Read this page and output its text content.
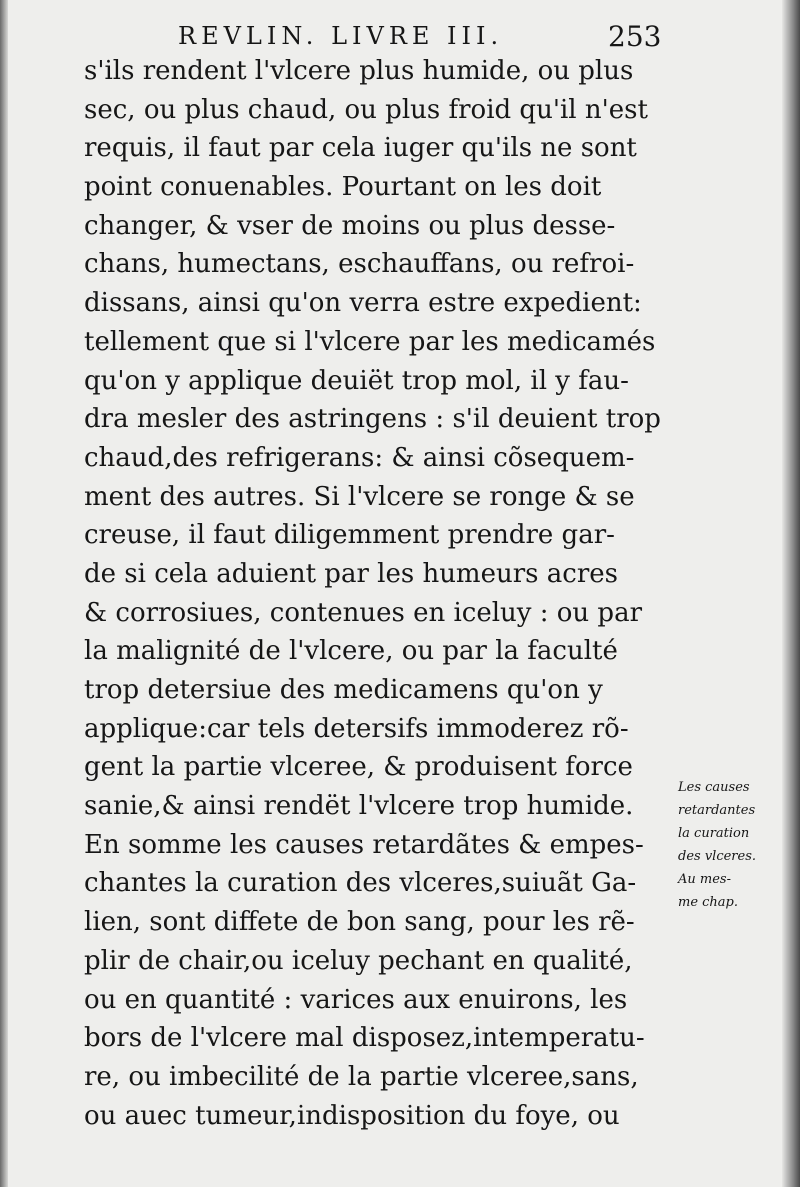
REVLIN. LIVRE III.	253
s'ils rendent l'vlcere plus humide, ou plus
sec, ou plus chaud, ou plus froid qu'il n'est
requis, il faut par cela iuger qu'ils ne sont
point conuenables. Pourtant on les doit
changer, & vser de moins ou plus desse-
chans, humectans, eschauffans, ou refroi-
dissans, ainsi qu'on verra estre expedient:
tellement que si l'vlcere par les medicamés
qu'on y applique deuiët trop mol, il y fau-
dra mesler des astringens : s'il deuient trop
chaud,des refrigerans: & ainsi cõsequem-
ment des autres. Si l'vlcere se ronge & se
creuse, il faut diligemment prendre gar-
de si cela aduient par les humeurs acres
& corrosiues, contenues en iceluy : ou par
la malignité de l'vlcere, ou par la faculté
trop detersiue des medicamens qu'on y
applique:car tels detersifs immoderez rõ-
gent la partie vlceree, & produisent force
sanie,& ainsi rendët l'vlcere trop humide.
En somme les causes retardãtes & empes-
chantes la curation des vlceres,suiuãt Ga-
lien, sont diffete de bon sang, pour les rẽ-
plir de chair,ou iceluy pechant en qualité,
ou en quantité : varices aux enuirons, les
bors de l'vlcere mal disposez,intemperatu-
re, ou imbecilité de la partie vlceree,sans,
ou auec tumeur,indisposition du foye, ou
Les causes
retardantes
la curation
des vlceres.
Au mes-
me chap.
